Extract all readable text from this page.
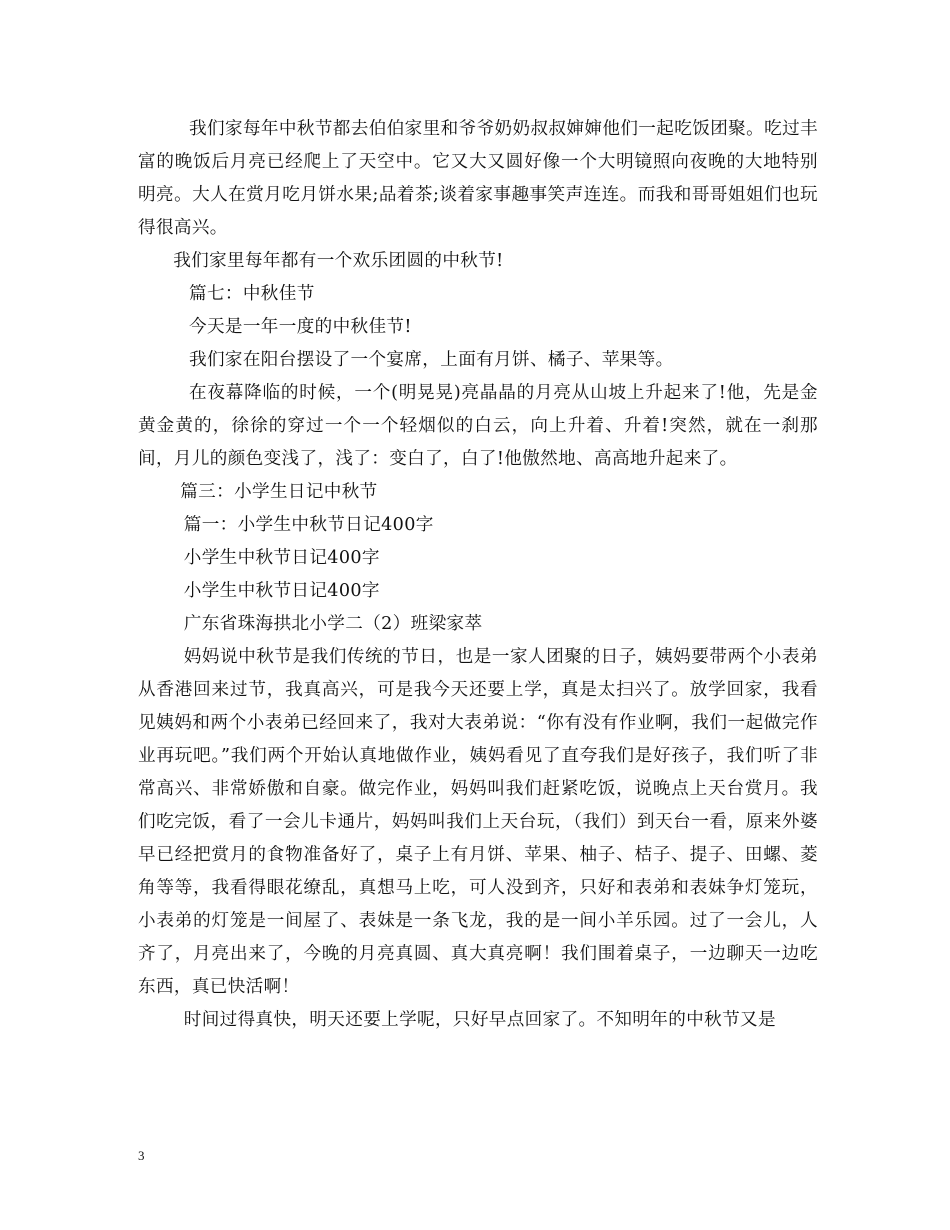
我们家每年中秋节都去伯伯家里和爷爷奶奶叔叔婶婶他们一起吃饭团聚。吃过丰富的晚饭后月亮已经爬上了天空中。它又大又圆好像一个大明镜照向夜晚的大地特别明亮。大人在赏月吃月饼水果;品着茶;谈着家事趣事笑声连连。而我和哥哥姐姐们也玩得很高兴。

我们家里每年都有一个欢乐团圆的中秋节!

篇七：中秋佳节

今天是一年一度的中秋佳节!

我们家在阳台摆设了一个宴席，上面有月饼、橘子、苹果等。

在夜幕降临的时候，一个(明晃晃)亮晶晶的月亮从山坡上升起来了!他，先是金黄金黄的，徐徐的穿过一个一个轻烟似的白云，向上升着、升着!突然，就在一刹那间，月儿的颜色变浅了，浅了：变白了，白了!他傲然地、高高地升起来了。

篇三：小学生日记中秋节

篇一：小学生中秋节日记400字

小学生中秋节日记400字

小学生中秋节日记400字

广东省珠海拱北小学二（2）班梁家萃

妈妈说中秋节是我们传统的节日，也是一家人团聚的日子，姨妈要带两个小表弟从香港回来过节，我真高兴，可是我今天还要上学，真是太扫兴了。放学回家，我看见姨妈和两个小表弟已经回来了，我对大表弟说：“你有没有作业啊，我们一起做完作业再玩吧。”我们两个开始认真地做作业，姨妈看见了直夸我们是好孩子，我们听了非常高兴、非常娇傲和自豪。做完作业，妈妈叫我们赶紧吃饭，说晚点上天台赏月。我们吃完饭，看了一会儿卡通片，妈妈叫我们上天台玩，（我们）到天台一看，原来外婆早已经把赏月的食物准备好了，桌子上有月饼、苹果、柚子、桔子、提子、田螺、菱角等等，我看得眼花缭乱，真想马上吃，可人没到齐，只好和表弟和表妹争灯笼玩，小表弟的灯笼是一间屋了、表妹是一条飞龙，我的是一间小羊乐园。过了一会儿，人齐了，月亮出来了，今晚的月亮真圆、真大真亮啊！我们围着桌子，一边聊天一边吃东西，真已快活啊！

时间过得真快，明天还要上学呢，只好早点回家了。不知明年的中秋节又是

3
